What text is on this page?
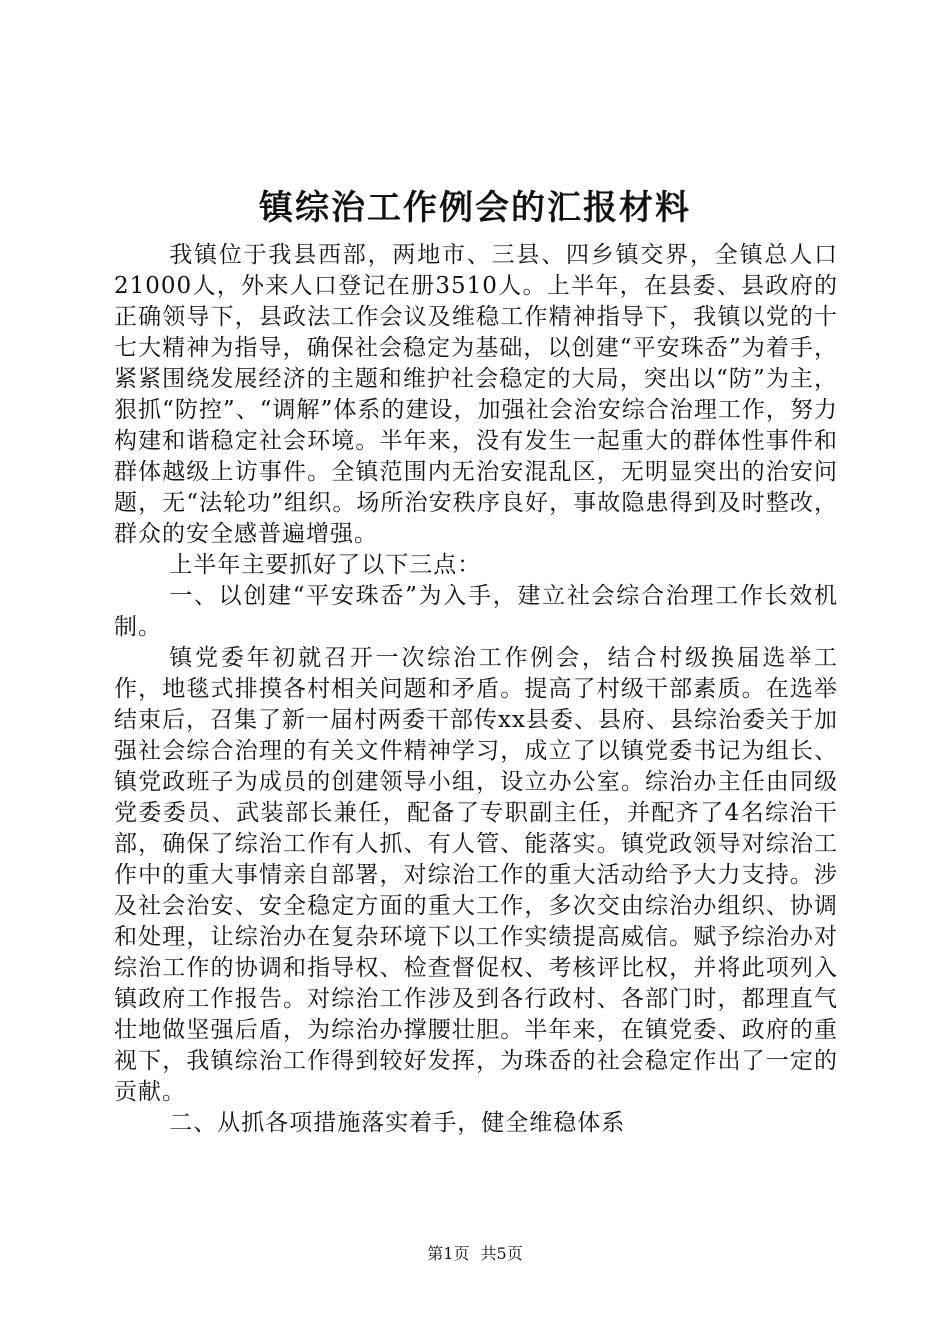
镇综治工作例会的汇报材料

我镇位于我县西部，两地市、三县、四乡镇交界，全镇总人口21000人，外来人口登记在册3510人。上半年，在县委、县政府的正确领导下，县政法工作会议及维稳工作精神指导下，我镇以党的十七大精神为指导，确保社会稳定为基础，以创建“平安珠岙”为着手，紧紧围绕发展经济的主题和维护社会稳定的大局，突出以“防”为主，狠抓“防控”、“调解”体系的建设，加强社会治安综合治理工作，努力构建和谐稳定社会环境。半年来，没有发生一起重大的群体性事件和群体越级上访事件。全镇范围内无治安混乱区，无明显突出的治安问题，无“法轮功”组织。场所治安秩序良好，事故隐患得到及时整改，群众的安全感普遍增强。

上半年主要抓好了以下三点：

一、以创建“平安珠岙”为入手，建立社会综合治理工作长效机制。

镇党委年初就召开一次综治工作例会，结合村级换届选举工作，地毯式排摸各村相关问题和矛盾。提高了村级干部素质。在选举结束后，召集了新一届村两委干部传xx县委、县府、县综治委关于加强社会综合治理的有关文件精神学习，成立了以镇党委书记为组长、镇党政班子为成员的创建领导小组，设立办公室。综治办主任由同级党委委员、武装部长兼任，配备了专职副主任，并配齐了4名综治干部，确保了综治工作有人抓、有人管、能落实。镇党政领导对综治工作中的重大事情亲自部署，对综治工作的重大活动给予大力支持。涉及社会治安、安全稳定方面的重大工作，多次交由综治办组织、协调和处理，让综治办在复杂环境下以工作实绩提高威信。赋予综治办对综治工作的协调和指导权、检查督促权、考核评比权，并将此项列入镇政府工作报告。对综治工作涉及到各行政村、各部门时，都理直气壮地做坚强后盾，为综治办撑腰壮胆。半年来，在镇党委、政府的重视下，我镇综治工作得到较好发挥，为珠岙的社会稳定作出了一定的贡献。

二、从抓各项措施落实着手，健全维稳体系

第1页 共5页
